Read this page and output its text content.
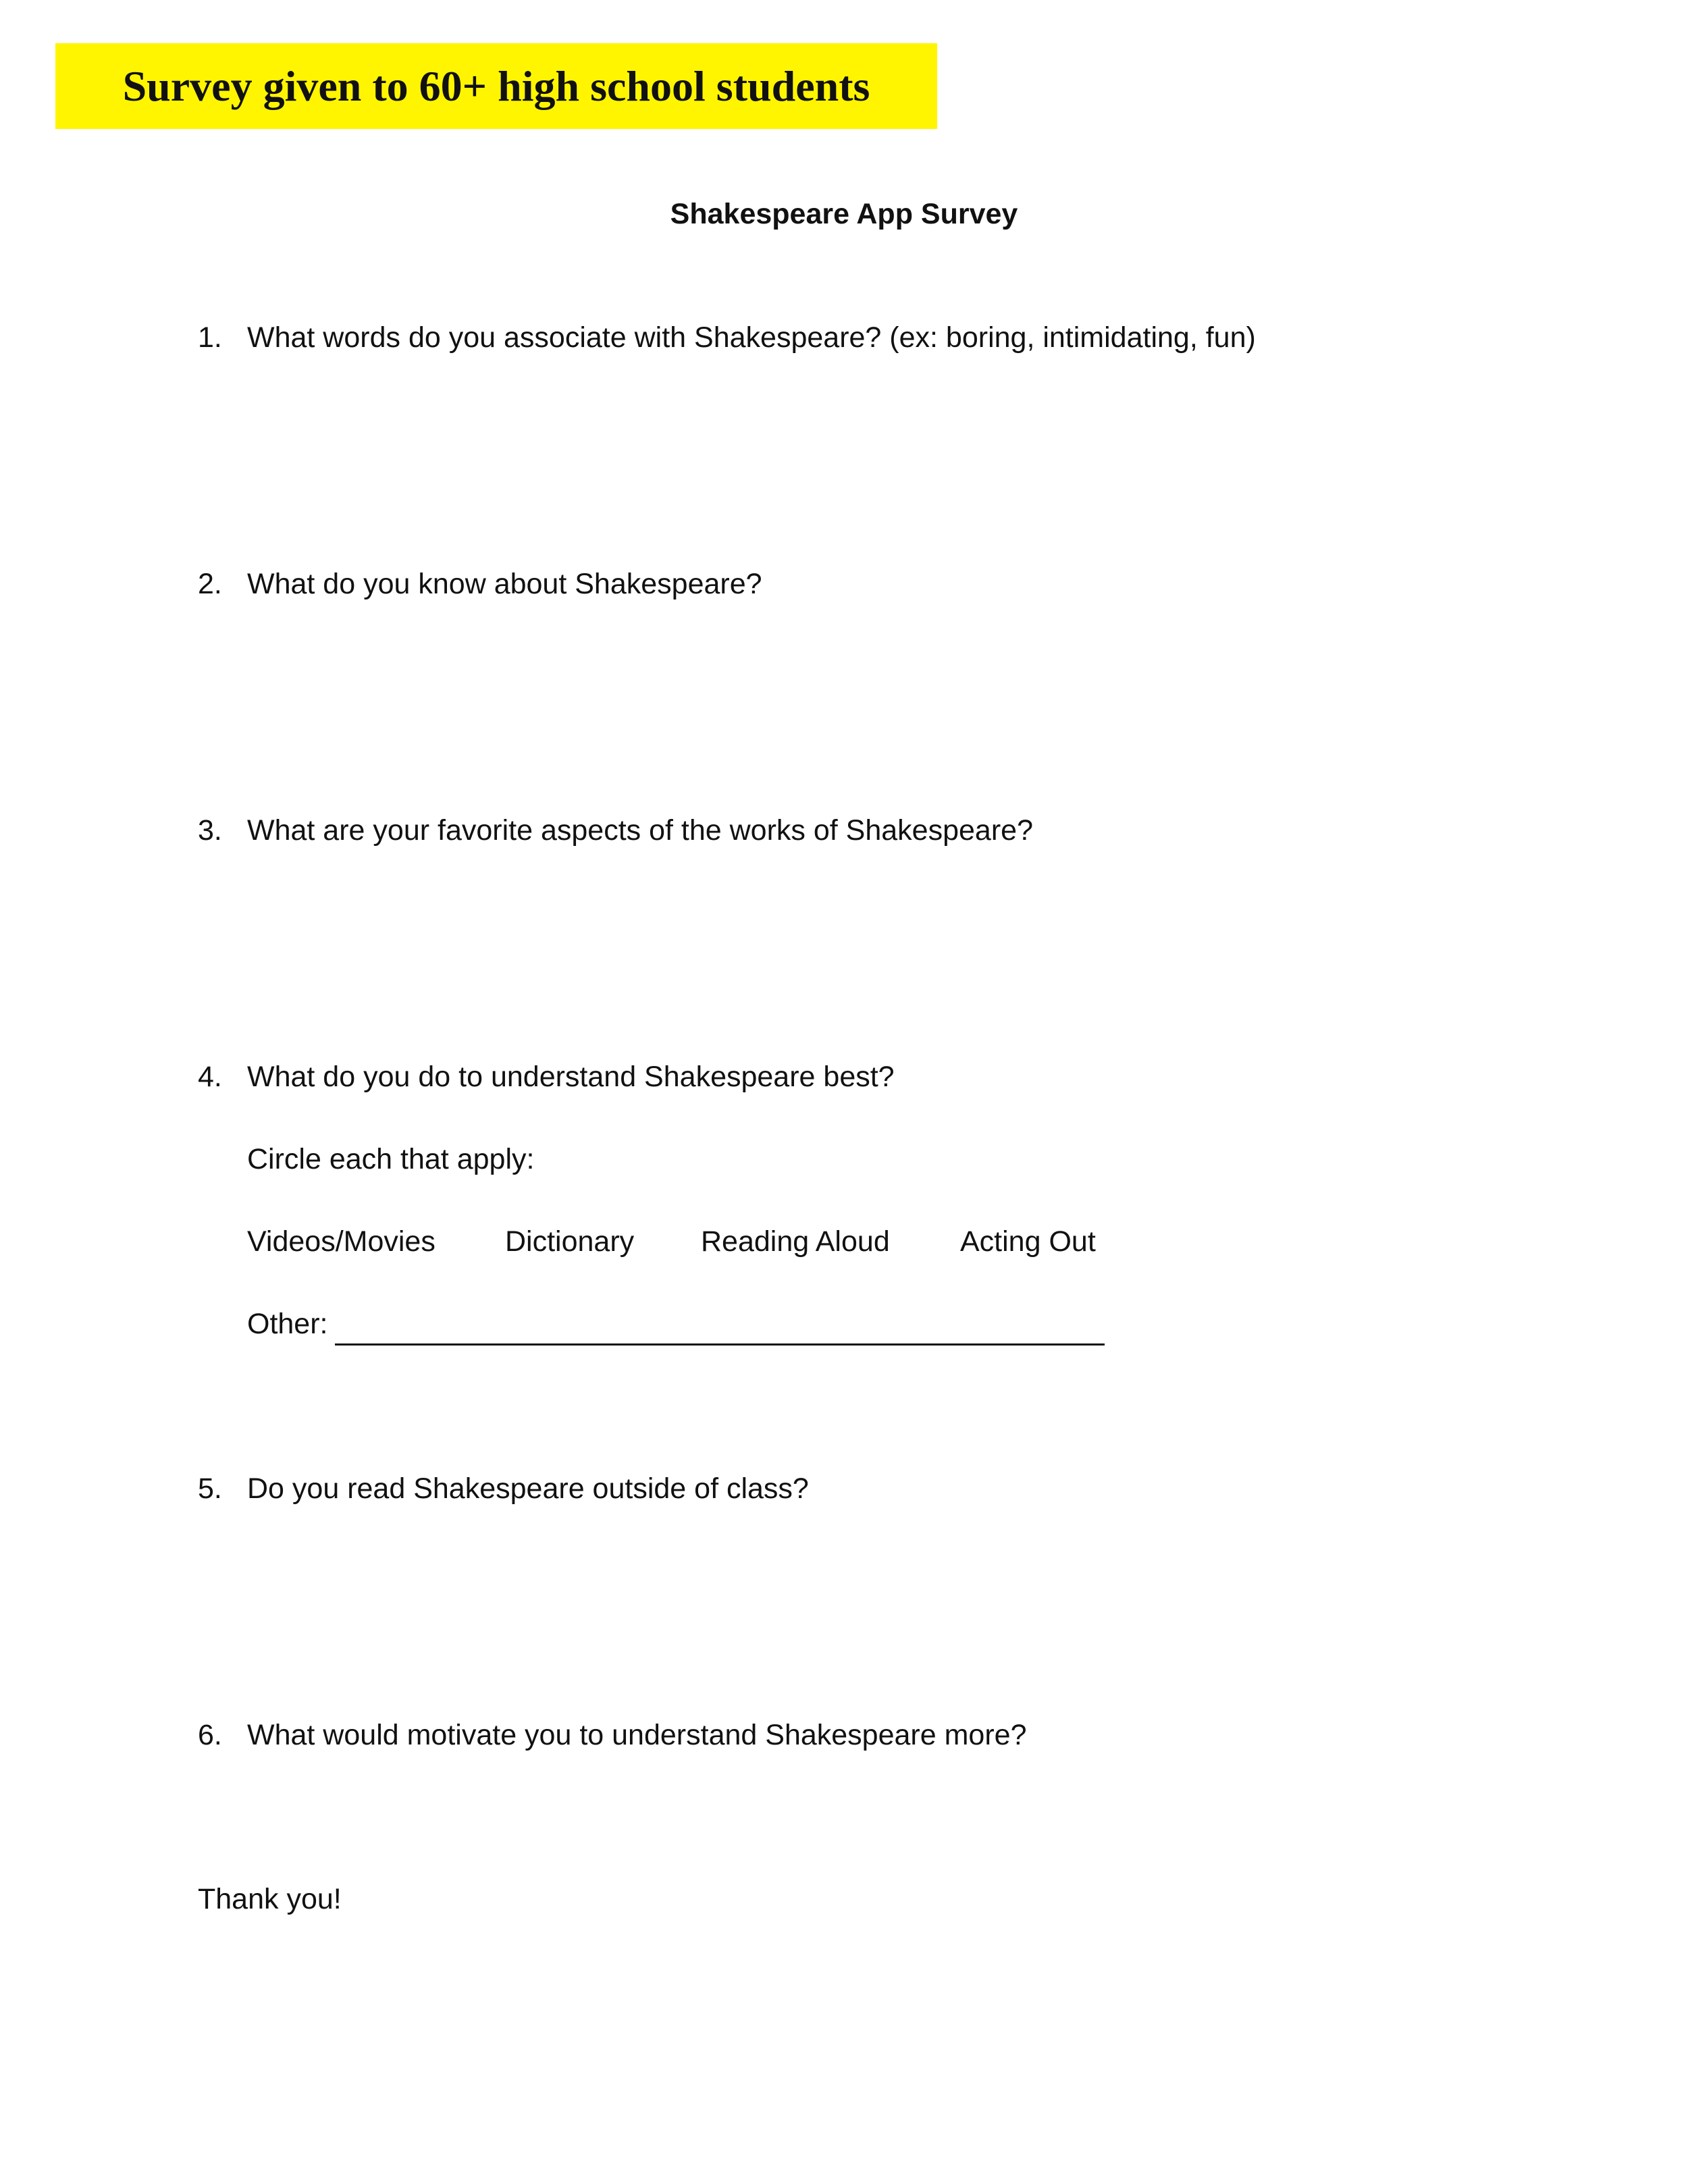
Survey given to 60+ high school students
Shakespeare App Survey
1. What words do you associate with Shakespeare? (ex: boring, intimidating, fun)
2. What do you know about Shakespeare?
3. What are your favorite aspects of the works of Shakespeare?
4. What do you do to understand Shakespeare best?
Circle each that apply:
Videos/Movies Dictionary Reading Aloud Acting Out
Other:
5. Do you read Shakespeare outside of class?
6. What would motivate you to understand Shakespeare more?
Thank you!
